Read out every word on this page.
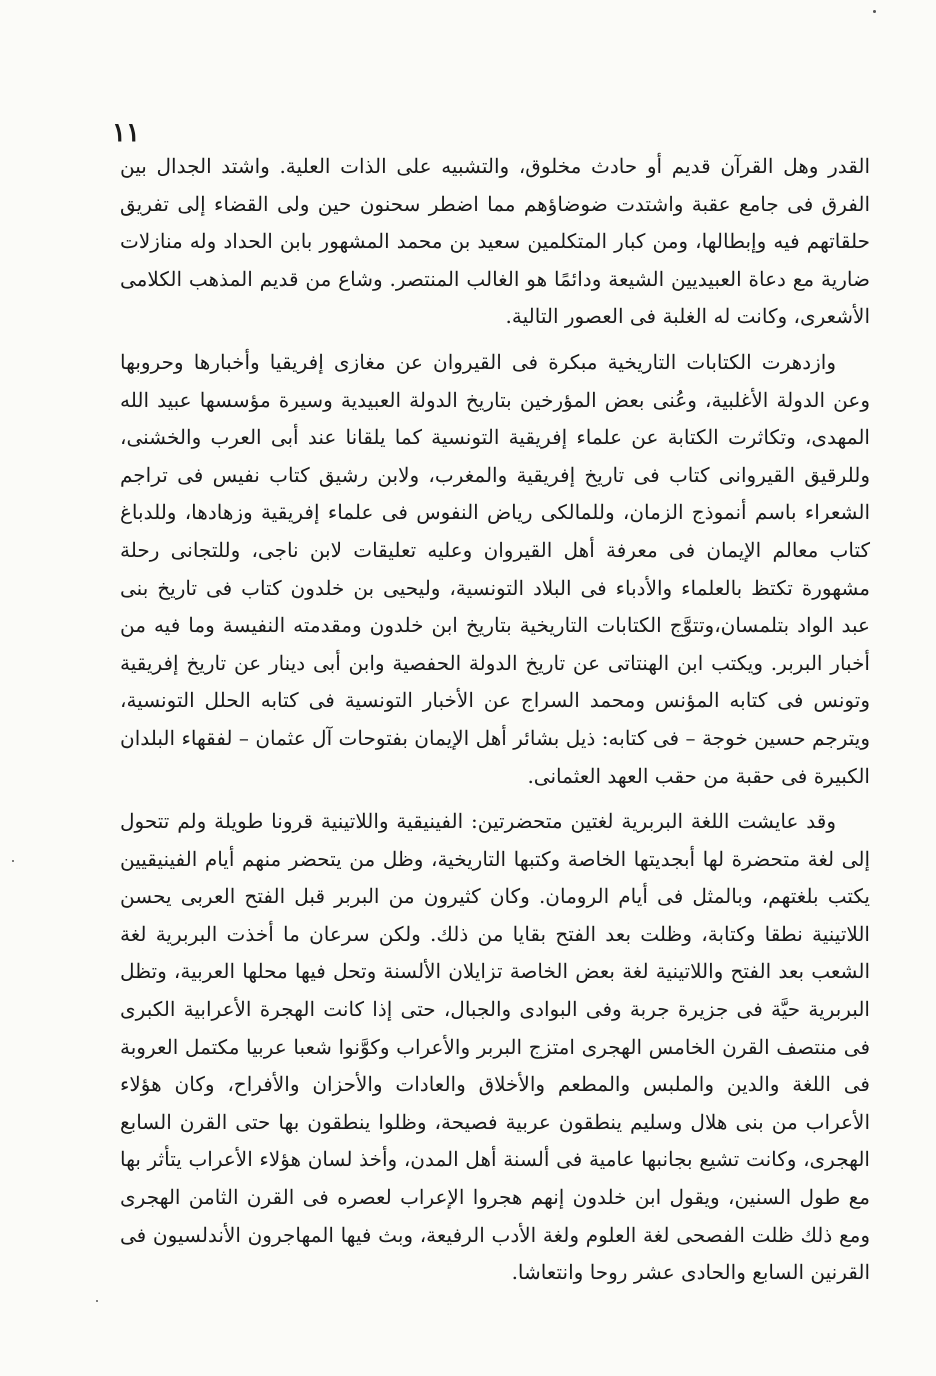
١١

القدر وهل القرآن قديم أو حادث مخلوق، والتشبيه على الذات العلية. واشتد الجدال بين الفرق فى جامع عقبة واشتدت ضوضاؤهم مما اضطر سحنون حين ولى القضاء إلى تفريق حلقاتهم فيه وإبطالها، ومن كبار المتكلمين سعيد بن محمد المشهور بابن الحداد وله منازلات ضارية مع دعاة العبيديين الشيعة ودائمًا هو الغالب المنتصر. وشاع من قديم المذهب الكلامى الأشعرى، وكانت له الغلبة فى العصور التالية.

وازدهرت الكتابات التاريخية مبكرة فى القيروان عن مغازى إفريقيا وأخبارها وحروبها وعن الدولة الأغلبية، وعُنى بعض المؤرخين بتاريخ الدولة العبيدية وسيرة مؤسسها عبيد الله المهدى، وتكاثرت الكتابة عن علماء إفريقية التونسية كما يلقانا عند أبى العرب والخشنى، وللرقيق القيروانى كتاب فى تاريخ إفريقية والمغرب، ولابن رشيق كتاب نفيس فى تراجم الشعراء باسم أنموذج الزمان، وللمالكى رياض النفوس فى علماء إفريقية وزهادها، وللدباغ كتاب معالم الإيمان فى معرفة أهل القيروان وعليه تعليقات لابن ناجى، وللتجانى رحلة مشهورة تكتظ بالعلماء والأدباء فى البلاد التونسية، وليحيى بن خلدون كتاب فى تاريخ بنى عبد الواد بتلمسان،وتتوَّج الكتابات التاريخية بتاريخ ابن خلدون ومقدمته النفيسة وما فيه من أخبار البربر. ويكتب ابن الهنتاتى عن تاريخ الدولة الحفصية وابن أبى دينار عن تاريخ إفريقية وتونس فى كتابه المؤنس ومحمد السراج عن الأخبار التونسية فى كتابه الحلل التونسية، ويترجم حسين خوجة – فى كتابه: ذيل بشائر أهل الإيمان بفتوحات آل عثمان – لفقهاء البلدان الكبيرة فى حقبة من حقب العهد العثمانى.

وقد عايشت اللغة البربرية لغتين متحضرتين: الفينيقية واللاتينية قرونا طويلة ولم تتحول إلى لغة متحضرة لها أبجديتها الخاصة وكتبها التاريخية، وظل من يتحضر منهم أيام الفينيقيين يكتب بلغتهم، وبالمثل فى أيام الرومان. وكان كثيرون من البربر قبل الفتح العربى يحسن اللاتينية نطقا وكتابة، وظلت بعد الفتح بقايا من ذلك. ولكن سرعان ما أخذت البربرية لغة الشعب بعد الفتح واللاتينية لغة بعض الخاصة تزايلان الألسنة وتحل فيها محلها العربية، وتظل البربرية حيَّة فى جزيرة جربة وفى البوادى والجبال، حتى إذا كانت الهجرة الأعرابية الكبرى فى منتصف القرن الخامس الهجرى امتزج البربر والأعراب وكوَّنوا شعبا عربيا مكتمل العروبة فى اللغة والدين والملبس والمطعم والأخلاق والعادات والأحزان والأفراح، وكان هؤلاء الأعراب من بنى هلال وسليم ينطقون عربية فصيحة، وظلوا ينطقون بها حتى القرن السابع الهجرى، وكانت تشيع بجانبها عامية فى ألسنة أهل المدن، وأخذ لسان هؤلاء الأعراب يتأثر بها مع طول السنين، ويقول ابن خلدون إنهم هجروا الإعراب لعصره فى القرن الثامن الهجرى ومع ذلك ظلت الفصحى لغة العلوم ولغة الأدب الرفيعة، وبث فيها المهاجرون الأندلسيون فى القرنين السابع والحادى عشر روحا وانتعاشا.
